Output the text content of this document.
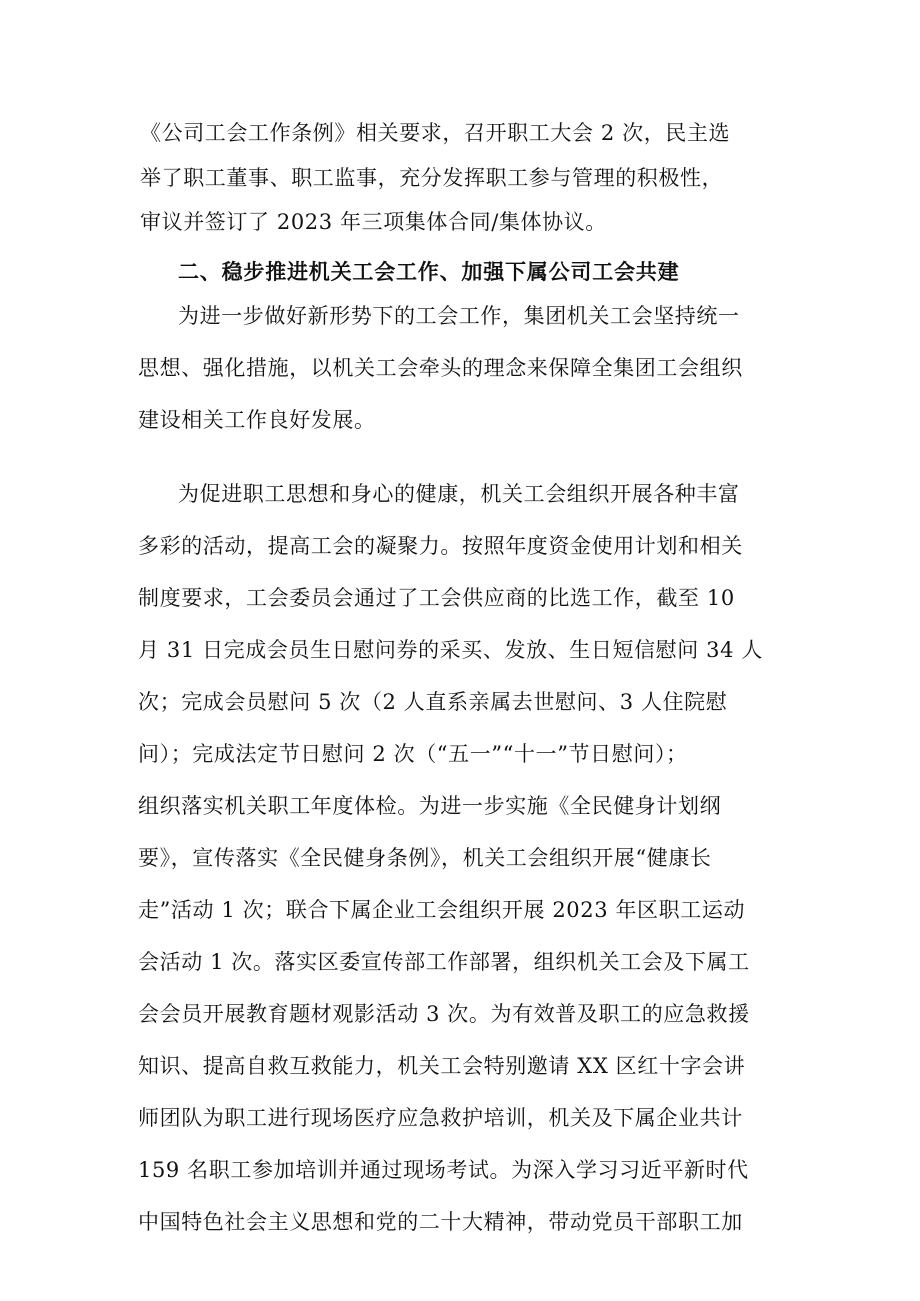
《公司工会工作条例》相关要求，召开职工大会 2 次，民主选
举了职工董事、职工监事，充分发挥职工参与管理的积极性，
审议并签订了 2023 年三项集体合同/集体协议。
二、稳步推进机关工会工作、加强下属公司工会共建
为进一步做好新形势下的工会工作，集团机关工会坚持统一
思想、强化措施，以机关工会牵头的理念来保障全集团工会组织
建设相关工作良好发展。
为促进职工思想和身心的健康，机关工会组织开展各种丰富
多彩的活动，提高工会的凝聚力。按照年度资金使用计划和相关
制度要求，工会委员会通过了工会供应商的比选工作，截至 10
月 31 日完成会员生日慰问券的采买、发放、生日短信慰问 34 人
次；完成会员慰问 5 次（2 人直系亲属去世慰问、3 人住院慰
问）；完成法定节日慰问 2 次（“五一”“十一”节日慰问）；
组织落实机关职工年度体检。为进一步实施《全民健身计划纲
要》，宣传落实《全民健身条例》，机关工会组织开展“健康长
走”活动 1 次；联合下属企业工会组织开展 2023 年区职工运动
会活动 1 次。落实区委宣传部工作部署，组织机关工会及下属工
会会员开展教育题材观影活动 3 次。为有效普及职工的应急救援
知识、提高自救互救能力，机关工会特别邀请 XX 区红十字会讲
师团队为职工进行现场医疗应急救护培训，机关及下属企业共计
159 名职工参加培训并通过现场考试。为深入学习习近平新时代
中国特色社会主义思想和党的二十大精神，带动党员干部职工加
